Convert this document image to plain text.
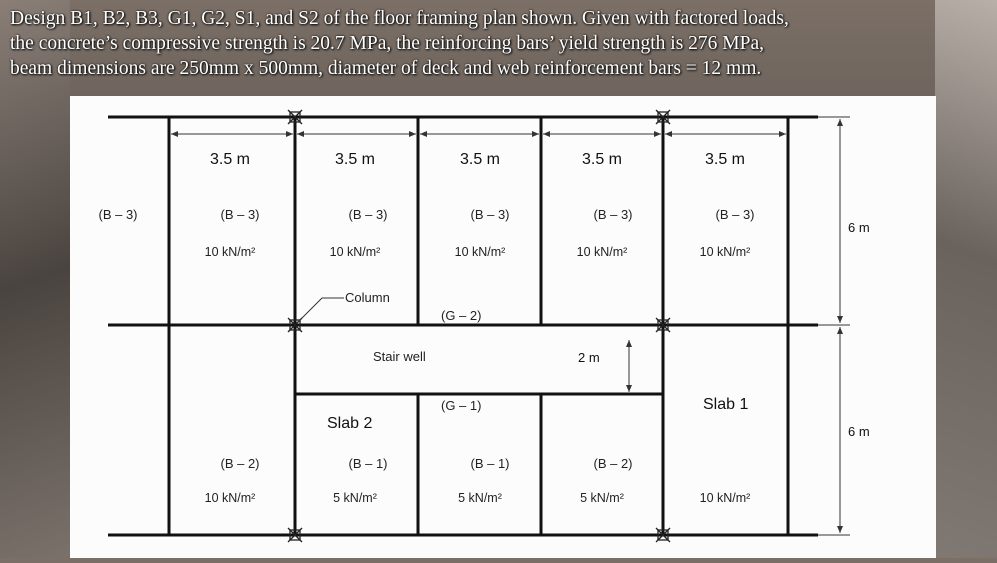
Design B1, B2, B3, G1, G2, S1, and S2 of the floor framing plan shown. Given with factored loads,
the concrete’s compressive strength is 20.7 MPa, the reinforcing bars’ yield strength is 276 MPa,
beam dimensions are 250mm x 500mm, diameter of deck and web reinforcement bars = 12 mm.

3.5 m	3.5 m	3.5 m	3.5 m	3.5 m
6 m
6 m
2 m
(B – 3)	(B – 3)	(B – 3)	(B – 3)	(B – 3)	(B – 3)
10 kN/m²	10 kN/m²	10 kN/m²	10 kN/m²	10 kN/m²
Column
(G – 2)
Stair well
(G – 1)	Slab 1
Slab 2
(B – 2)	(B – 1)	(B – 1)	(B – 2)
10 kN/m²	5 kN/m²	5 kN/m²	5 kN/m²	10 kN/m²
